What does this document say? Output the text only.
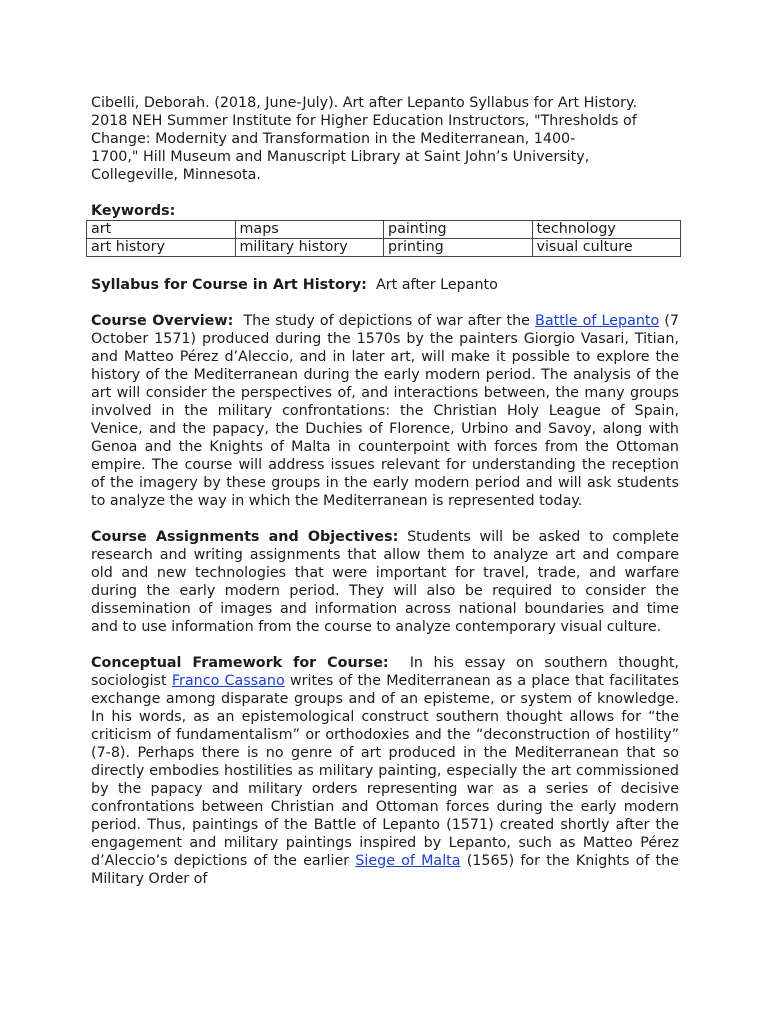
Cibelli, Deborah. (2018, June-July). Art after Lepanto Syllabus for Art History.

2018 NEH Summer Institute for Higher Education Instructors, "Thresholds of

Change: Modernity and Transformation in the Mediterranean, 1400-

1700," Hill Museum and Manuscript Library at Saint John’s University,

Collegeville, Minnesota.

Keywords:
art	maps	painting	technology
art history	military history	printing	visual culture
Syllabus for Course in Art History: Art after Lepanto
Course Overview: The study of depictions of war after the Battle of Lepanto (7 October 1571) produced during the 1570s by the painters Giorgio Vasari, Titian, and Matteo Pérez d’Aleccio, and in later art, will make it possible to explore the history of the Mediterranean during the early modern period. The analysis of the art will consider the perspectives of, and interactions between, the many groups involved in the military confrontations: the Christian Holy League of Spain, Venice, and the papacy, the Duchies of Florence, Urbino and Savoy, along with Genoa and the Knights of Malta in counterpoint with forces from the Ottoman empire. The course will address issues relevant for understanding the reception of the imagery by these groups in the early modern period and will ask students to analyze the way in which the Mediterranean is represented today.
Course Assignments and Objectives: Students will be asked to complete research and writing assignments that allow them to analyze art and compare old and new technologies that were important for travel, trade, and warfare during the early modern period. They will also be required to consider the dissemination of images and information across national boundaries and time and to use information from the course to analyze contemporary visual culture.
Conceptual Framework for Course: In his essay on southern thought, sociologist Franco Cassano writes of the Mediterranean as a place that facilitates exchange among disparate groups and of an episteme, or system of knowledge. In his words, as an epistemological construct southern thought allows for “the criticism of fundamentalism” or orthodoxies and the “deconstruction of hostility” (7-8). Perhaps there is no genre of art produced in the Mediterranean that so directly embodies hostilities as military painting, especially the art commissioned by the papacy and military orders representing war as a series of decisive confrontations between Christian and Ottoman forces during the early modern period. Thus, paintings of the Battle of Lepanto (1571) created shortly after the engagement and military paintings inspired by Lepanto, such as Matteo Pérez d’Aleccio’s depictions of the earlier Siege of Malta (1565) for the Knights of the Military Order of
